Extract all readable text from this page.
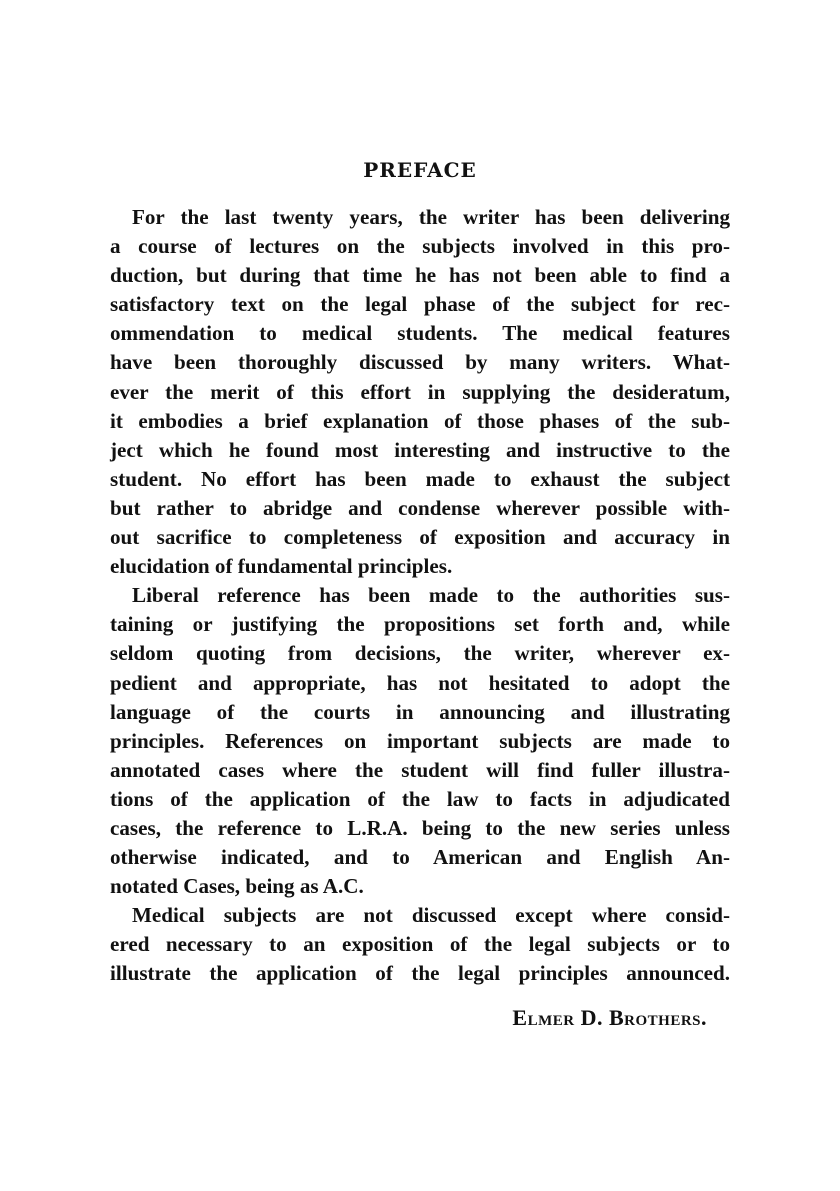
PREFACE
For the last twenty years, the writer has been delivering
a course of lectures on the subjects involved in this pro-
duction, but during that time he has not been able to find a
satisfactory text on the legal phase of the subject for rec-
ommendation to medical students. The medical features
have been thoroughly discussed by many writers. What-
ever the merit of this effort in supplying the desideratum,
it embodies a brief explanation of those phases of the sub-
ject which he found most interesting and instructive to the
student. No effort has been made to exhaust the subject
but rather to abridge and condense wherever possible with-
out sacrifice to completeness of exposition and accuracy in
elucidation of fundamental principles.
Liberal reference has been made to the authorities sus-
taining or justifying the propositions set forth and, while
seldom quoting from decisions, the writer, wherever ex-
pedient and appropriate, has not hesitated to adopt the
language of the courts in announcing and illustrating
principles. References on important subjects are made to
annotated cases where the student will find fuller illustra-
tions of the application of the law to facts in adjudicated
cases, the reference to L.R.A. being to the new series unless
otherwise indicated, and to American and English An-
notated Cases, being as A.C.
Medical subjects are not discussed except where consid-
ered necessary to an exposition of the legal subjects or to
illustrate the application of the legal principles announced.

Elmer D. Brothers.
